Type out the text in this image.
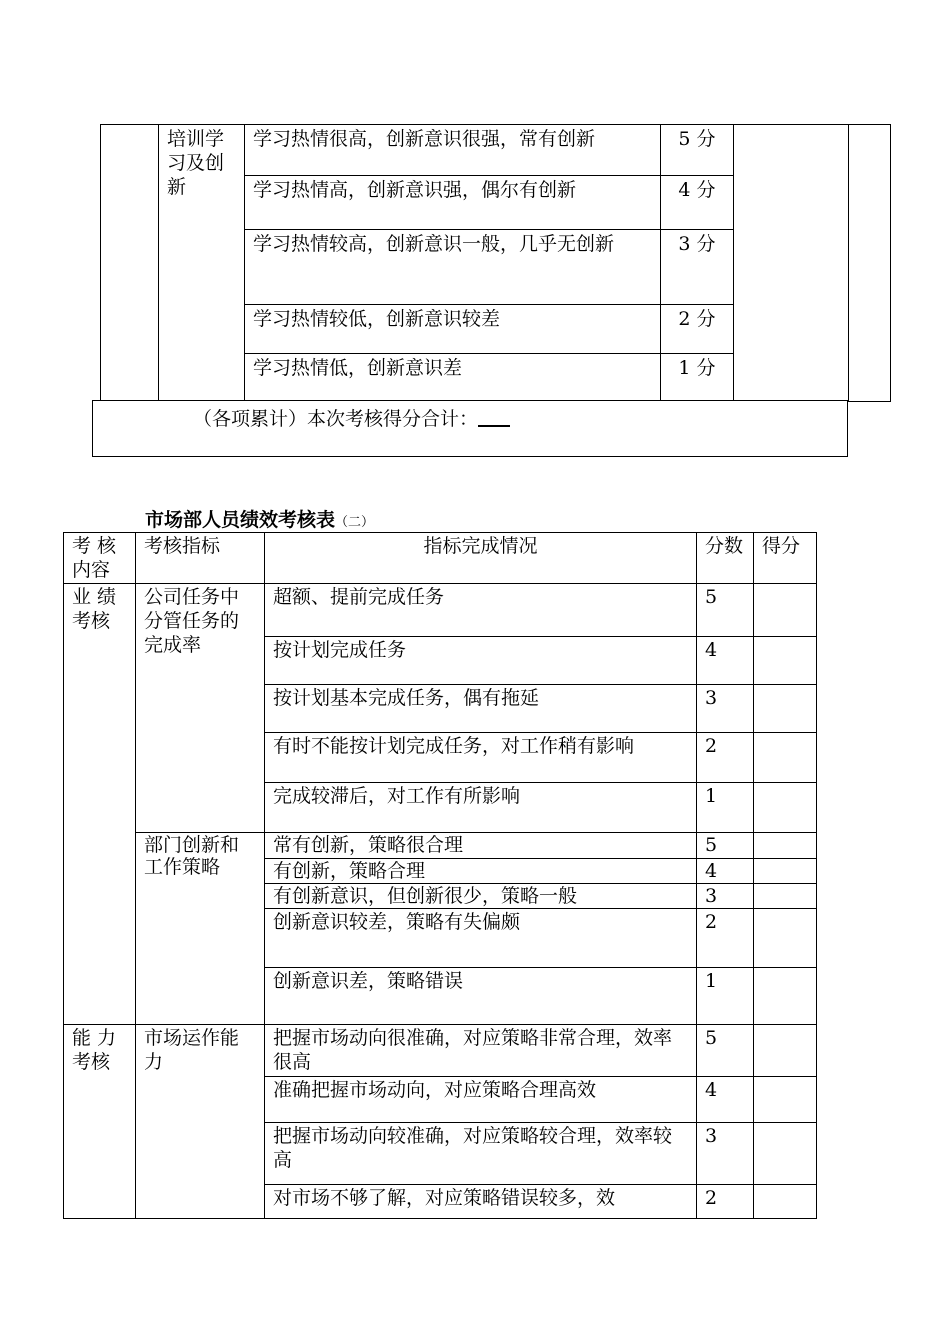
	培训学习及创新	学习热情很高，创新意识很强，常有创新	5 分		
		学习热情高，创新意识强，偶尔有创新	4 分		
		学习热情较高，创新意识一般，几乎无创新	3 分		
		学习热情较低，创新意识较差	2 分		
		学习热情低，创新意识差	1 分		
（各项累计）本次考核得分合计：
市场部人员绩效考核表（二）
考 核内容	考核指标	指标完成情况	分数	得分
业 绩考核	公司任务中分管任务的完成率	超额、提前完成任务	5	
		按计划完成任务	4	
		按计划基本完成任务，偶有拖延	3	
		有时不能按计划完成任务，对工作稍有影响	2	
		完成较滞后，对工作有所影响	1	
	部门创新和工作策略	常有创新，策略很合理	5	
		有创新，策略合理	4	
		有创新意识，但创新很少，策略一般	3	
		创新意识较差，策略有失偏颇	2	
		创新意识差，策略错误	1	
能 力考核	市场运作能力	把握市场动向很准确，对应策略非常合理，效率很高	5	
		准确把握市场动向，对应策略合理高效	4	
		把握市场动向较准确，对应策略较合理，效率较高	3	
		对市场不够了解，对应策略错误较多，效	2	
